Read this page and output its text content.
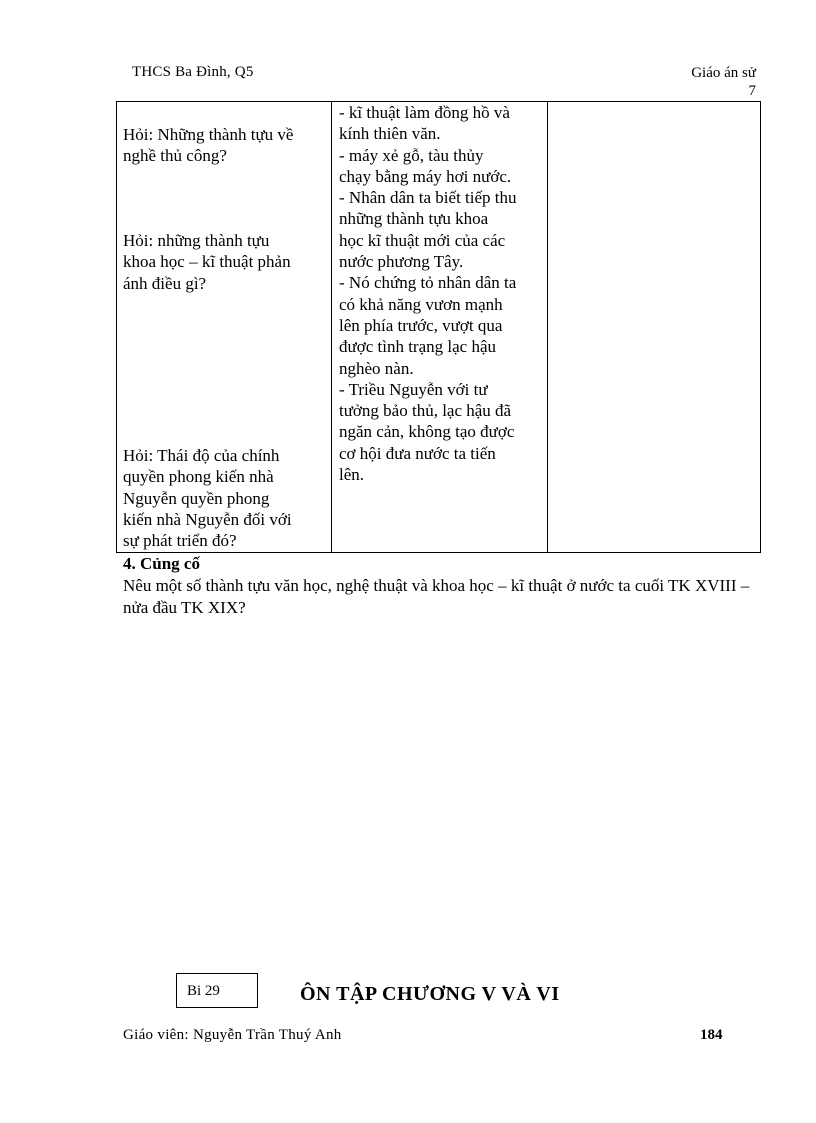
THCS Ba Đình, Q5	Giáo án sử
7
Hỏi: Những thành tựu về
nghề thủ công?
Hỏi: những thành tựu
khoa học – kĩ thuật phản
ánh điều gì?
Hỏi: Thái độ của chính
quyền phong kiến nhà
Nguyễn quyền phong
kiến nhà Nguyễn đối với
sự phát triển đó?

- kĩ thuật làm đồng hồ và
kính thiên văn.
- máy xẻ gỗ, tàu thủy
chạy bằng máy hơi nước.
- Nhân dân ta biết tiếp thu
những thành tựu khoa
học kĩ thuật mới của các
nước phương Tây.
- Nó chứng tỏ nhân dân ta
có khả năng vươn mạnh
lên phía trước, vượt qua
được tình trạng lạc hậu
nghèo nàn.
- Triều Nguyễn với tư
tưởng bảo thủ, lạc hậu đã
ngăn cản, không tạo được
cơ hội đưa nước ta tiến
lên.

4. Củng cố
Nêu một số thành tựu văn học, nghệ thuật và khoa học – kĩ thuật ở nước ta cuối TK XVIII – nửa đầu TK XIX?
Bi 29	ÔN TẬP CHƯƠNG V VÀ VI
Giáo viên: Nguyễn Trần Thuý Anh	184
